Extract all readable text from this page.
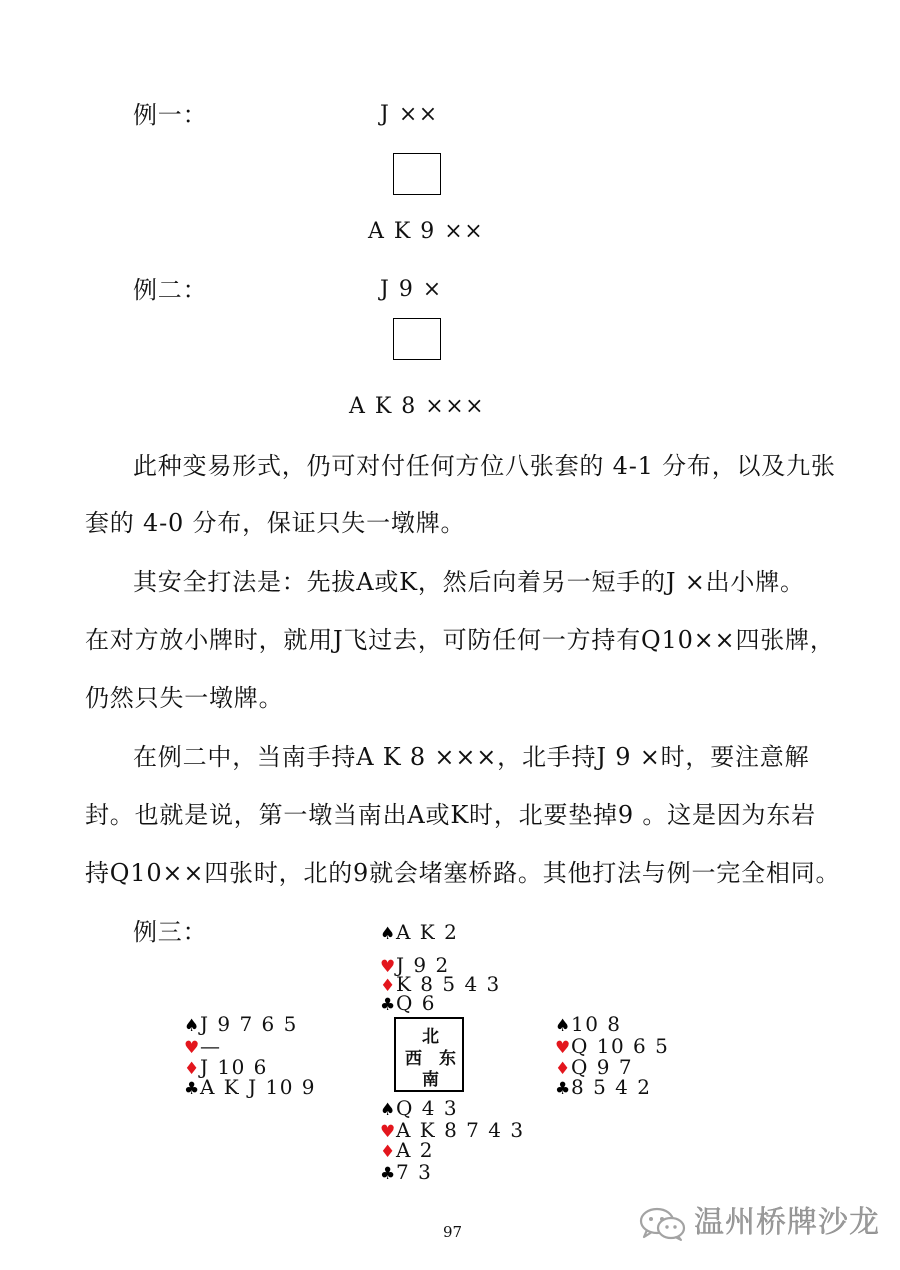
例一：	J ××
A K 9 ××
例二：	J 9 ×
A K 8 ×××
此种变易形式，仍可对付任何方位八张套的 4-1 分布，以及九张
套的 4-0 分布，保证只失一墩牌。
其安全打法是：先拔A或K，然后向着另一短手的J ×出小牌。
在对方放小牌时，就用J飞过去，可防任何一方持有Q10××四张牌，
仍然只失一墩牌。
在例二中，当南手持A K 8 ×××，北手持J 9 ×时，要注意解
封。也就是说，第一墩当南出A或K时，北要垫掉9 。这是因为东岩
持Q10××四张时，北的9就会堵塞桥路。其他打法与例一完全相同。
例三：	♠A K 2
♥J 9 2
♦K 8 5 4 3
♣Q 6
♠J 9 7 6 5
♥—
♦J 10 6
♣A K J 10 9
北
西 东
南
♠10 8
♥Q 10 6 5
♦Q 9 7
♣8 5 4 2
♠Q 4 3
♥A K 8 7 4 3
♦A 2
♣7 3
97	温州桥牌沙龙
